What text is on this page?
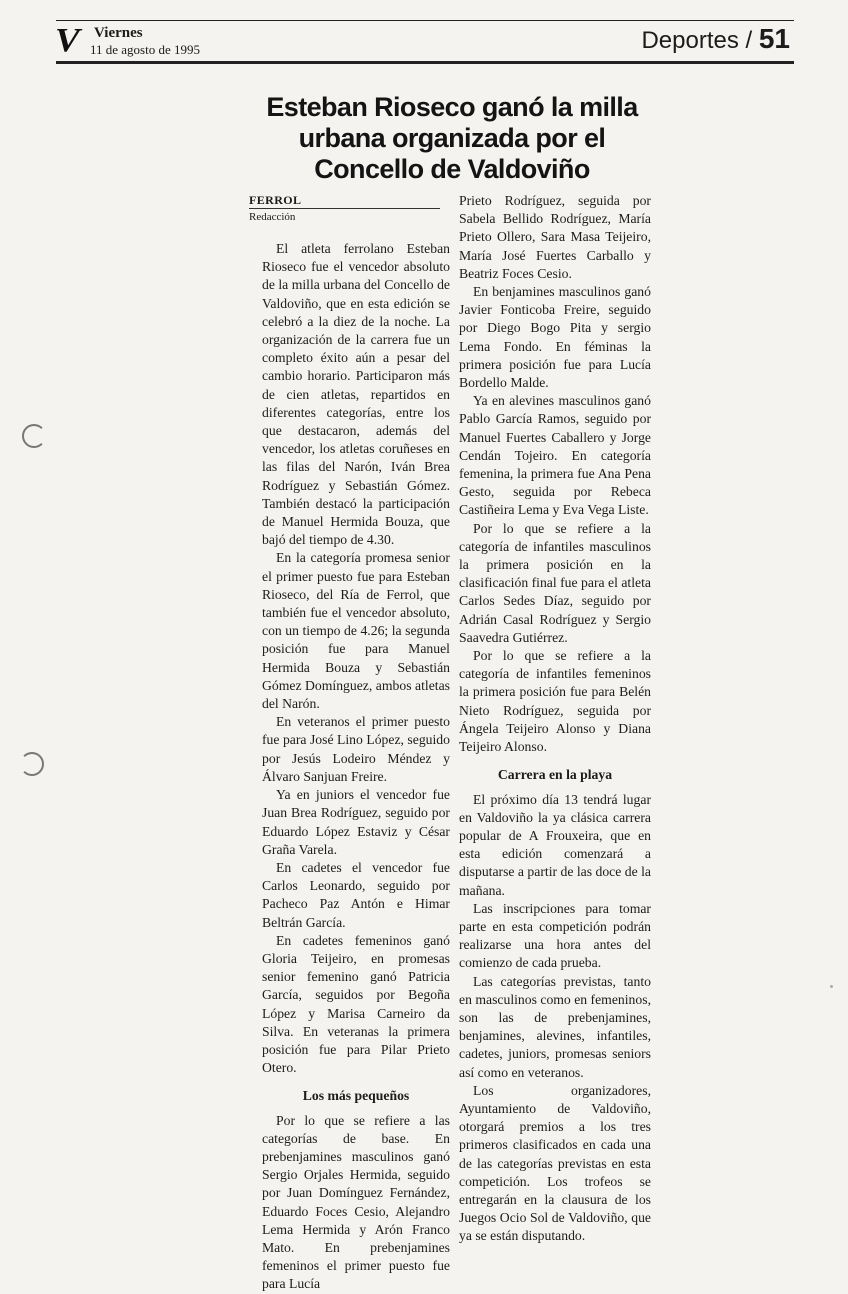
V Viernes
11 de agosto de 1995	Deportes / 51
Esteban Rioseco ganó la milla
urbana organizada por el
Concello de Valdoviño
FERROL
Redacción

El atleta ferrolano Esteban Rioseco fue el vencedor absoluto de la milla urbana del Concello de Valdoviño, que en esta edición se celebró a la diez de la noche. La organización de la carrera fue un completo éxito aún a pesar del cambio horario. Participaron más de cien atletas, repartidos en diferentes categorías, entre los que destacaron, además del vencedor, los atletas coruñeses en las filas del Narón, Iván Brea Rodríguez y Sebastián Gómez. También destacó la participación de Manuel Hermida Bouza, que bajó del tiempo de 4.30.

En la categoría promesa senior el primer puesto fue para Esteban Rioseco, del Ría de Ferrol, que también fue el vencedor absoluto, con un tiempo de 4.26; la segunda posición fue para Manuel Hermida Bouza y Sebastián Gómez Domínguez, ambos atletas del Narón.

En veteranos el primer puesto fue para José Lino López, seguido por Jesús Lodeiro Méndez y Álvaro Sanjuan Freire.

Ya en juniors el vencedor fue Juan Brea Rodríguez, seguido por Eduardo López Estaviz y César Graña Varela.

En cadetes el vencedor fue Carlos Leonardo, seguido por Pacheco Paz Antón e Himar Beltrán García.

En cadetes femeninos ganó Gloria Teijeiro, en promesas senior femenino ganó Patricia García, seguidos por Begoña López y Marisa Carneiro da Silva. En veteranas la primera posición fue para Pilar Prieto Otero.

Los más pequeños

Por lo que se refiere a las categorías de base. En prebenjamines masculinos ganó Sergio Orjales Hermida, seguido por Juan Domínguez Fernández, Eduardo Foces Cesio, Alejandro Lema Hermida y Arón Franco Mato. En prebenjamines femeninos el primer puesto fue para Lucía

Prieto Rodríguez, seguida por Sabela Bellido Rodríguez, María Prieto Ollero, Sara Masa Teijeiro, María José Fuertes Carballo y Beatriz Foces Cesio.

En benjamines masculinos ganó Javier Fonticoba Freire, seguido por Diego Bogo Pita y sergio Lema Fondo. En féminas la primera posición fue para Lucía Bordello Malde.

Ya en alevines masculinos ganó Pablo García Ramos, seguido por Manuel Fuertes Caballero y Jorge Cendán Tojeiro. En categoría femenina, la primera fue Ana Pena Gesto, seguida por Rebeca Castiñeira Lema y Eva Vega Liste.

Por lo que se refiere a la categoría de infantiles masculinos la primera posición en la clasificación final fue para el atleta Carlos Sedes Díaz, seguido por Adrián Casal Rodríguez y Sergio Saavedra Gutiérrez.

Por lo que se refiere a la categoría de infantiles femeninos la primera posición fue para Belén Nieto Rodríguez, seguida por Ángela Teijeiro Alonso y Diana Teijeiro Alonso.

Carrera en la playa

El próximo día 13 tendrá lugar en Valdoviño la ya clásica carrera popular de A Frouxeira, que en esta edición comenzará a disputarse a partir de las doce de la mañana.

Las inscripciones para tomar parte en esta competición podrán realizarse una hora antes del comienzo de cada prueba.

Las categorías previstas, tanto en masculinos como en femeninos, son las de prebenjamines, benjamines, alevines, infantiles, cadetes, juniors, promesas seniors así como en veteranos.

Los organizadores, Ayuntamiento de Valdoviño, otorgará premios a los tres primeros clasificados en cada una de las categorías previstas en esta competición. Los trofeos se entregarán en la clausura de los Juegos Ocio Sol de Valdoviño, que ya se están disputando.
